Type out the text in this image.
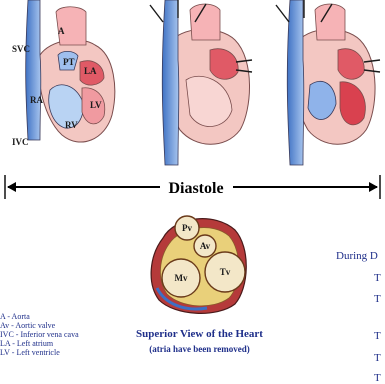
A
SVC
PT
LA
RA	LV
RV
IVC
Diastole
Pv
Av
Mv
Tv
A - Aorta
Av - Aortic valve
IVC - Inferior vena cava
LA - Left atrium
LV - Left ventricle
Superior View of the Heart
(atria have been removed)
During D
T
T
T
T
T
